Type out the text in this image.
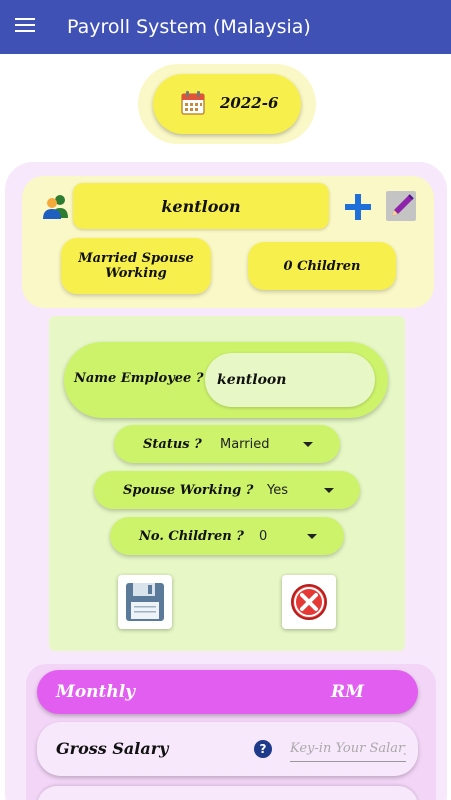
Payroll System (Malaysia)
2022-6
kentloon
Married Spouse Working	0 Children
Name Employee ?
kentloon
Status ? Married
Spouse Working ? Yes
No. Children ? 0
Monthly	RM
Gross Salary	?
Key-in Your Salary
